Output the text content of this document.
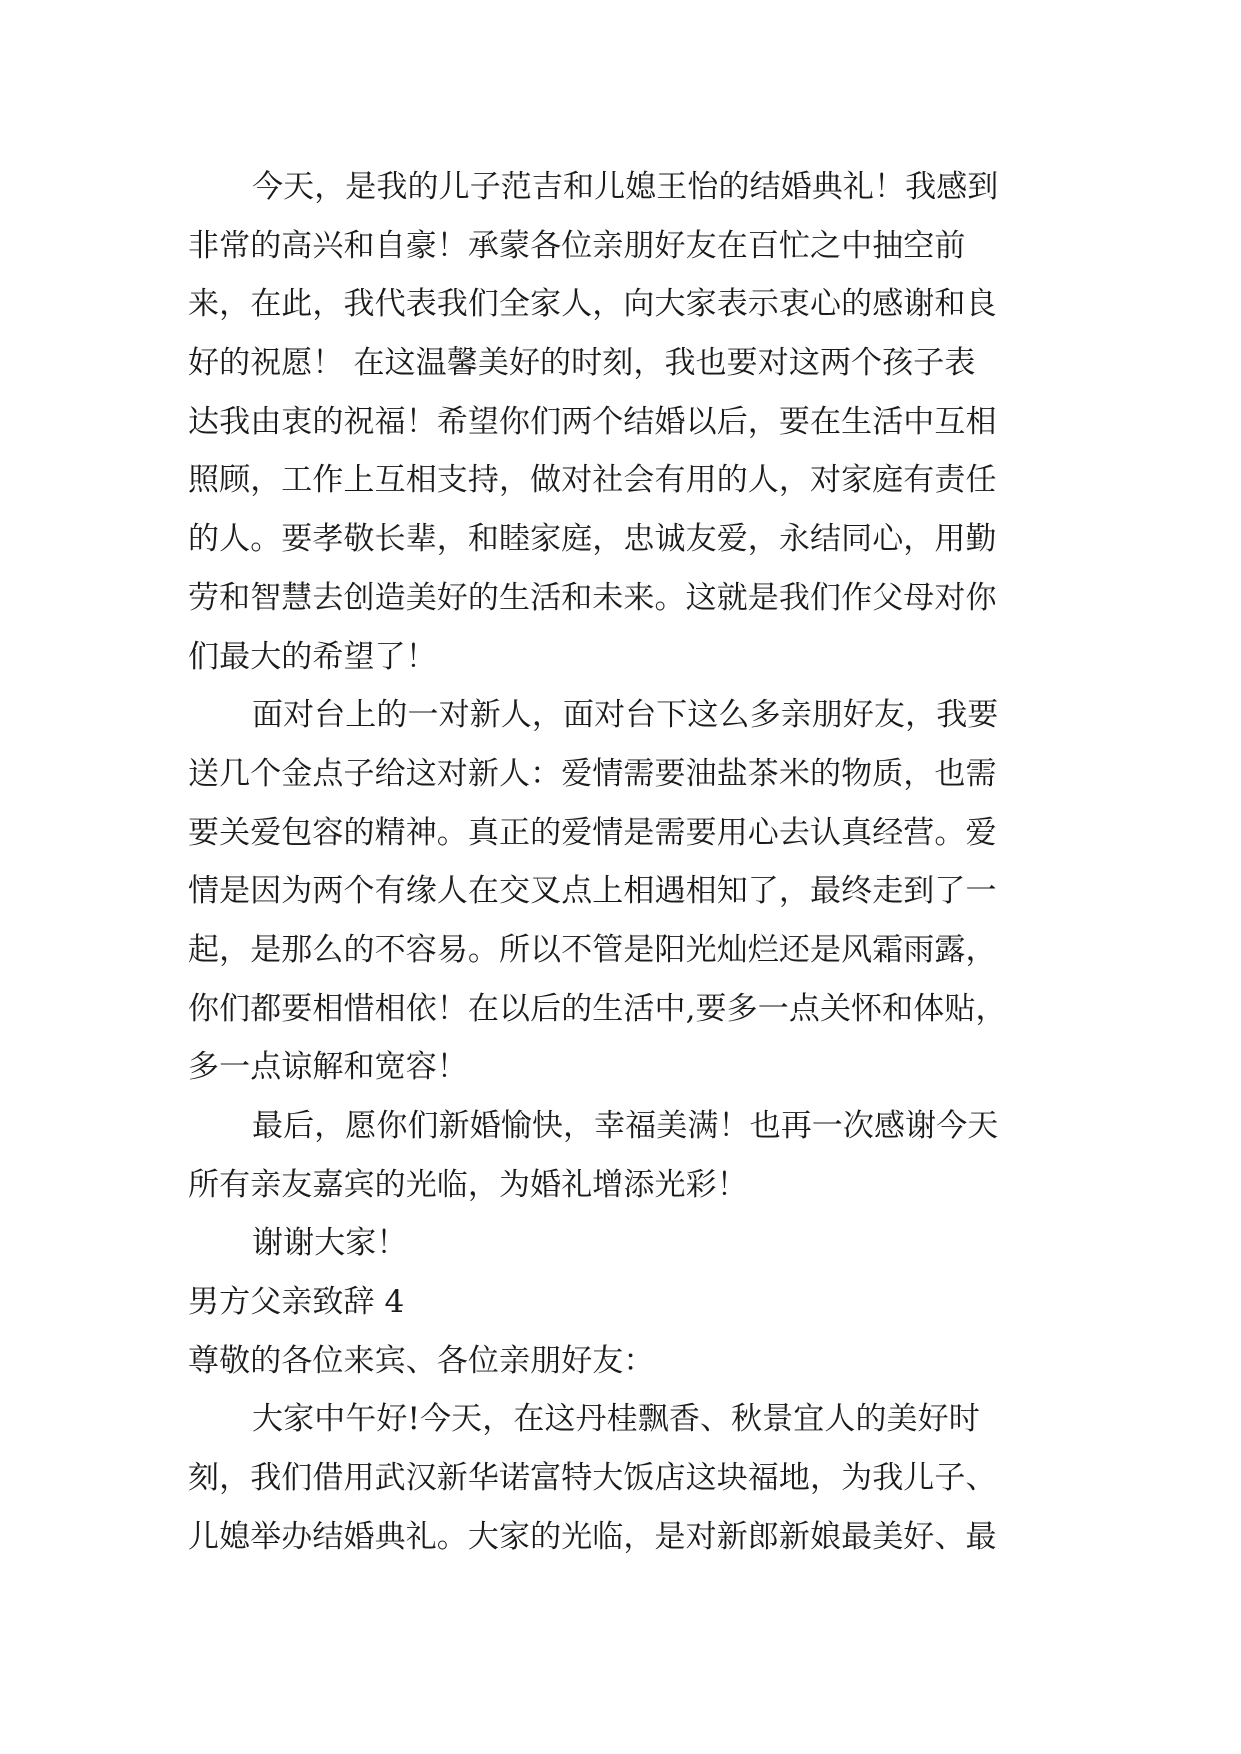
今天，是我的儿子范吉和儿媳王怡的结婚典礼！我感到
非常的高兴和自豪！承蒙各位亲朋好友在百忙之中抽空前
来，在此，我代表我们全家人，向大家表示衷心的感谢和良
好的祝愿！ 在这温馨美好的时刻，我也要对这两个孩子表
达我由衷的祝福！希望你们两个结婚以后，要在生活中互相
照顾，工作上互相支持，做对社会有用的人，对家庭有责任
的人。要孝敬长辈，和睦家庭，忠诚友爱，永结同心，用勤
劳和智慧去创造美好的生活和未来。这就是我们作父母对你
们最大的希望了！
面对台上的一对新人，面对台下这么多亲朋好友，我要
送几个金点子给这对新人：爱情需要油盐茶米的物质，也需
要关爱包容的精神。真正的爱情是需要用心去认真经营。爱
情是因为两个有缘人在交叉点上相遇相知了，最终走到了一
起，是那么的不容易。所以不管是阳光灿烂还是风霜雨露，
你们都要相惜相依！在以后的生活中,要多一点关怀和体贴，
多一点谅解和宽容！
最后，愿你们新婚愉快，幸福美满！也再一次感谢今天
所有亲友嘉宾的光临，为婚礼增添光彩！
谢谢大家！
男方父亲致辞 4
尊敬的各位来宾、各位亲朋好友：
大家中午好!今天，在这丹桂飘香、秋景宜人的美好时
刻，我们借用武汉新华诺富特大饭店这块福地，为我儿子、
儿媳举办结婚典礼。大家的光临，是对新郎新娘最美好、最
